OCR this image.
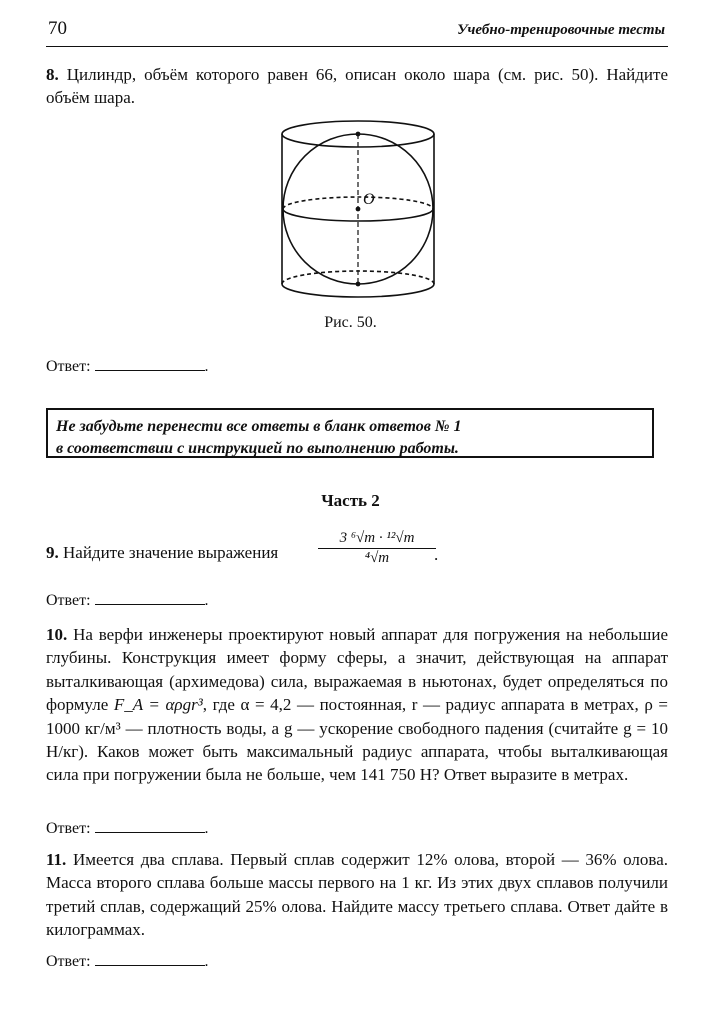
70	Учебно-тренировочные тесты
8. Цилиндр, объём которого равен 66, описан около шара (см. рис. 50). Найдите объём шара.
O
Рис. 50.
Ответ:	.
Не забудьте перенести все ответы в бланк ответов № 1
в соответствии с инструкцией по выполнению работы.
Часть 2
9. Найдите значение выражения
3 ⁶√m · ¹²√m
⁴√m	.
Ответ:	.
10. На верфи инженеры проектируют новый аппарат для погружения на небольшие глубины. Конструкция имеет форму сферы, а значит, действующая на аппарат выталкивающая (архимедова) сила, выражаемая в ньютонах, будет определяться по формуле F_A = αρgr³, где α = 4,2 — постоянная, r — радиус аппарата в метрах, ρ = 1000 кг/м³ — плотность воды, а g — ускорение свободного падения (считайте g = 10 Н/кг). Каков может быть максимальный радиус аппарата, чтобы выталкивающая сила при погружении была не больше, чем 141 750 Н? Ответ выразите в метрах.
Ответ:	.
11. Имеется два сплава. Первый сплав содержит 12% олова, второй — 36% олова. Масса второго сплава больше массы первого на 1 кг. Из этих двух сплавов получили третий сплав, содержащий 25% олова. Найдите массу третьего сплава. Ответ дайте в килограммах.
Ответ:	.
